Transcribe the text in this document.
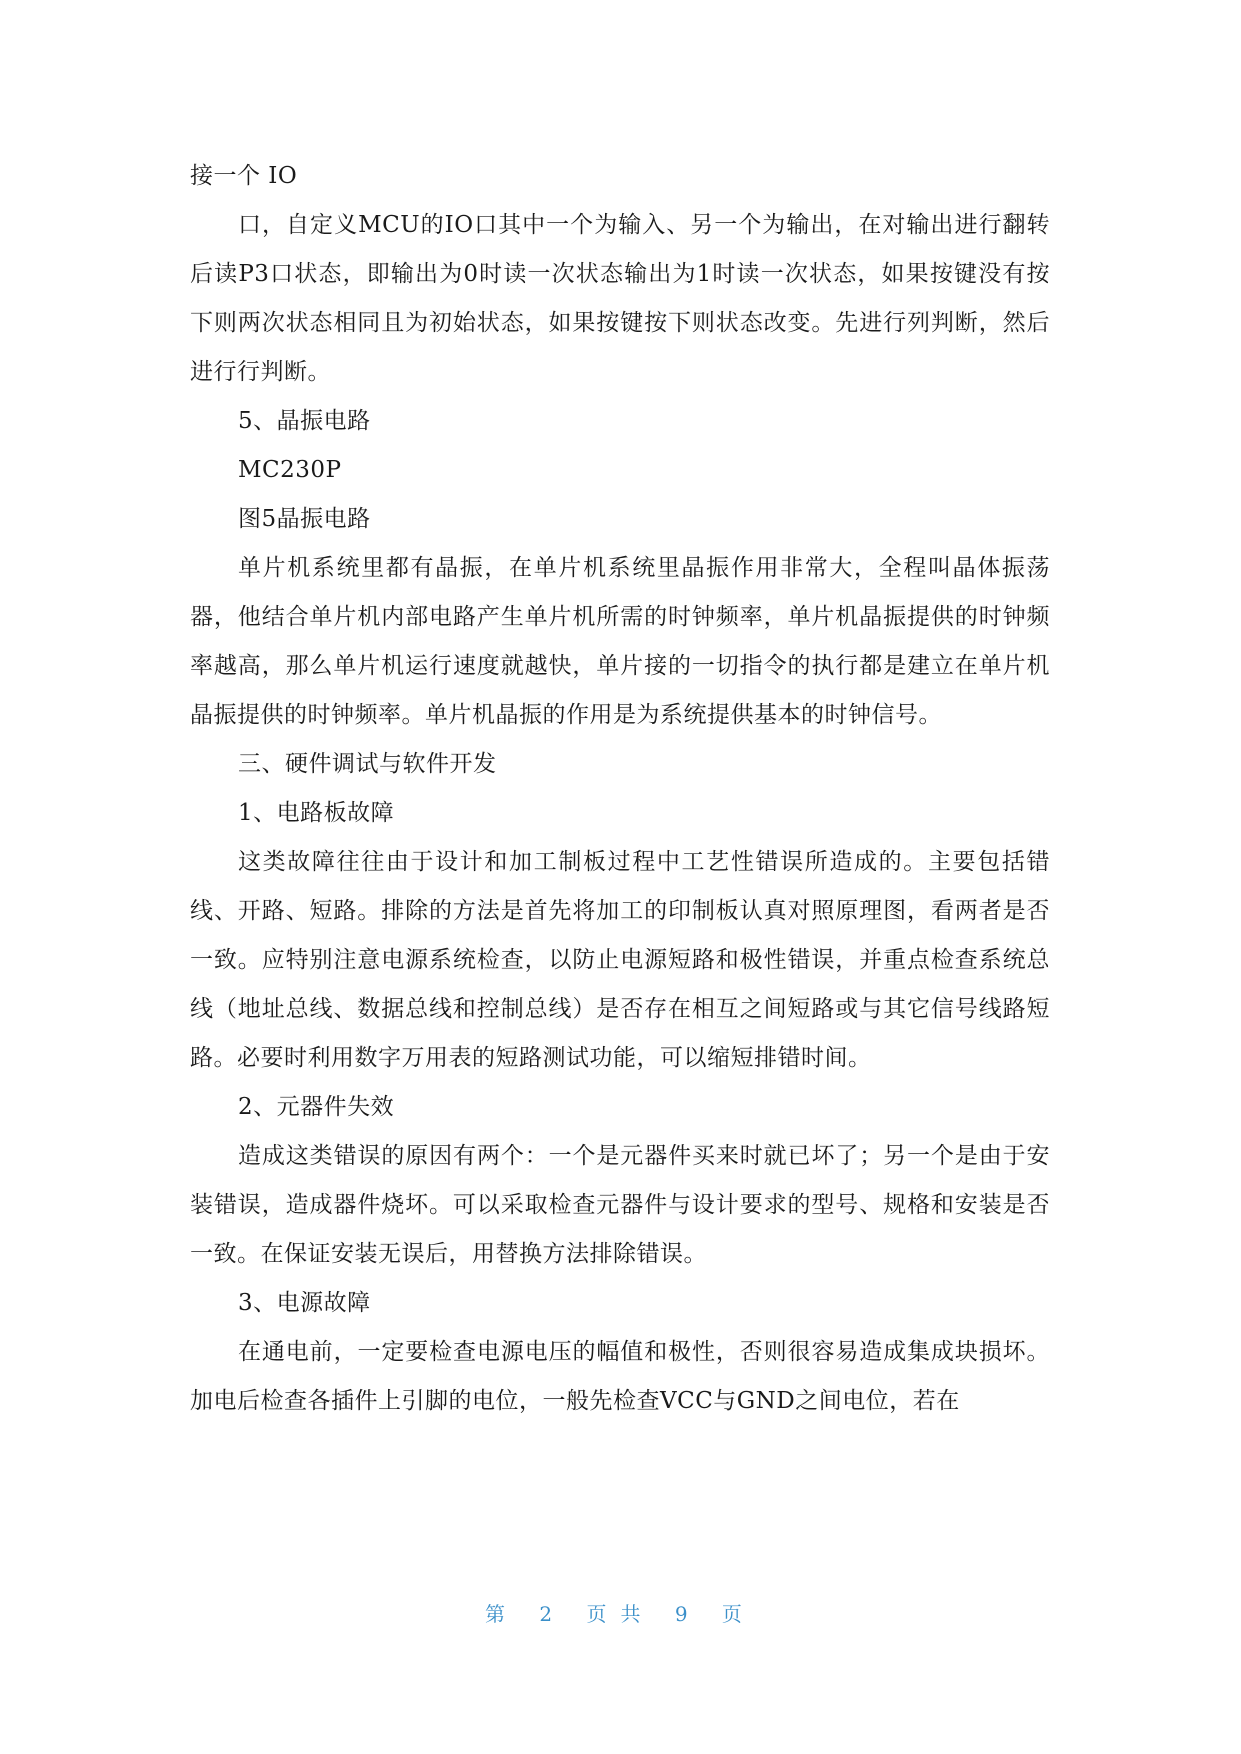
接一个 IO

口，自定义MCU的IO口其中一个为输入、另一个为输出，在对输出进行翻转后读P3口状态，即输出为0时读一次状态输出为1时读一次状态，如果按键没有按下则两次状态相同且为初始状态，如果按键按下则状态改变。先进行列判断，然后进行行判断。

5、晶振电路

MC230P

图5晶振电路

单片机系统里都有晶振，在单片机系统里晶振作用非常大，全程叫晶体振荡器，他结合单片机内部电路产生单片机所需的时钟频率，单片机晶振提供的时钟频率越高，那么单片机运行速度就越快，单片接的一切指令的执行都是建立在单片机晶振提供的时钟频率。单片机晶振的作用是为系统提供基本的时钟信号。

三、硬件调试与软件开发

1、电路板故障

这类故障往往由于设计和加工制板过程中工艺性错误所造成的。主要包括错线、开路、短路。排除的方法是首先将加工的印制板认真对照原理图，看两者是否一致。应特别注意电源系统检查，以防止电源短路和极性错误，并重点检查系统总线（地址总线、数据总线和控制总线）是否存在相互之间短路或与其它信号线路短路。必要时利用数字万用表的短路测试功能，可以缩短排错时间。

2、元器件失效

造成这类错误的原因有两个：一个是元器件买来时就已坏了；另一个是由于安装错误，造成器件烧坏。可以采取检查元器件与设计要求的型号、规格和安装是否一致。在保证安装无误后，用替换方法排除错误。

3、电源故障

在通电前，一定要检查电源电压的幅值和极性，否则很容易造成集成块损坏。加电后检查各插件上引脚的电位，一般先检查VCC与GND之间电位，若在

第 2 页共 9 页
